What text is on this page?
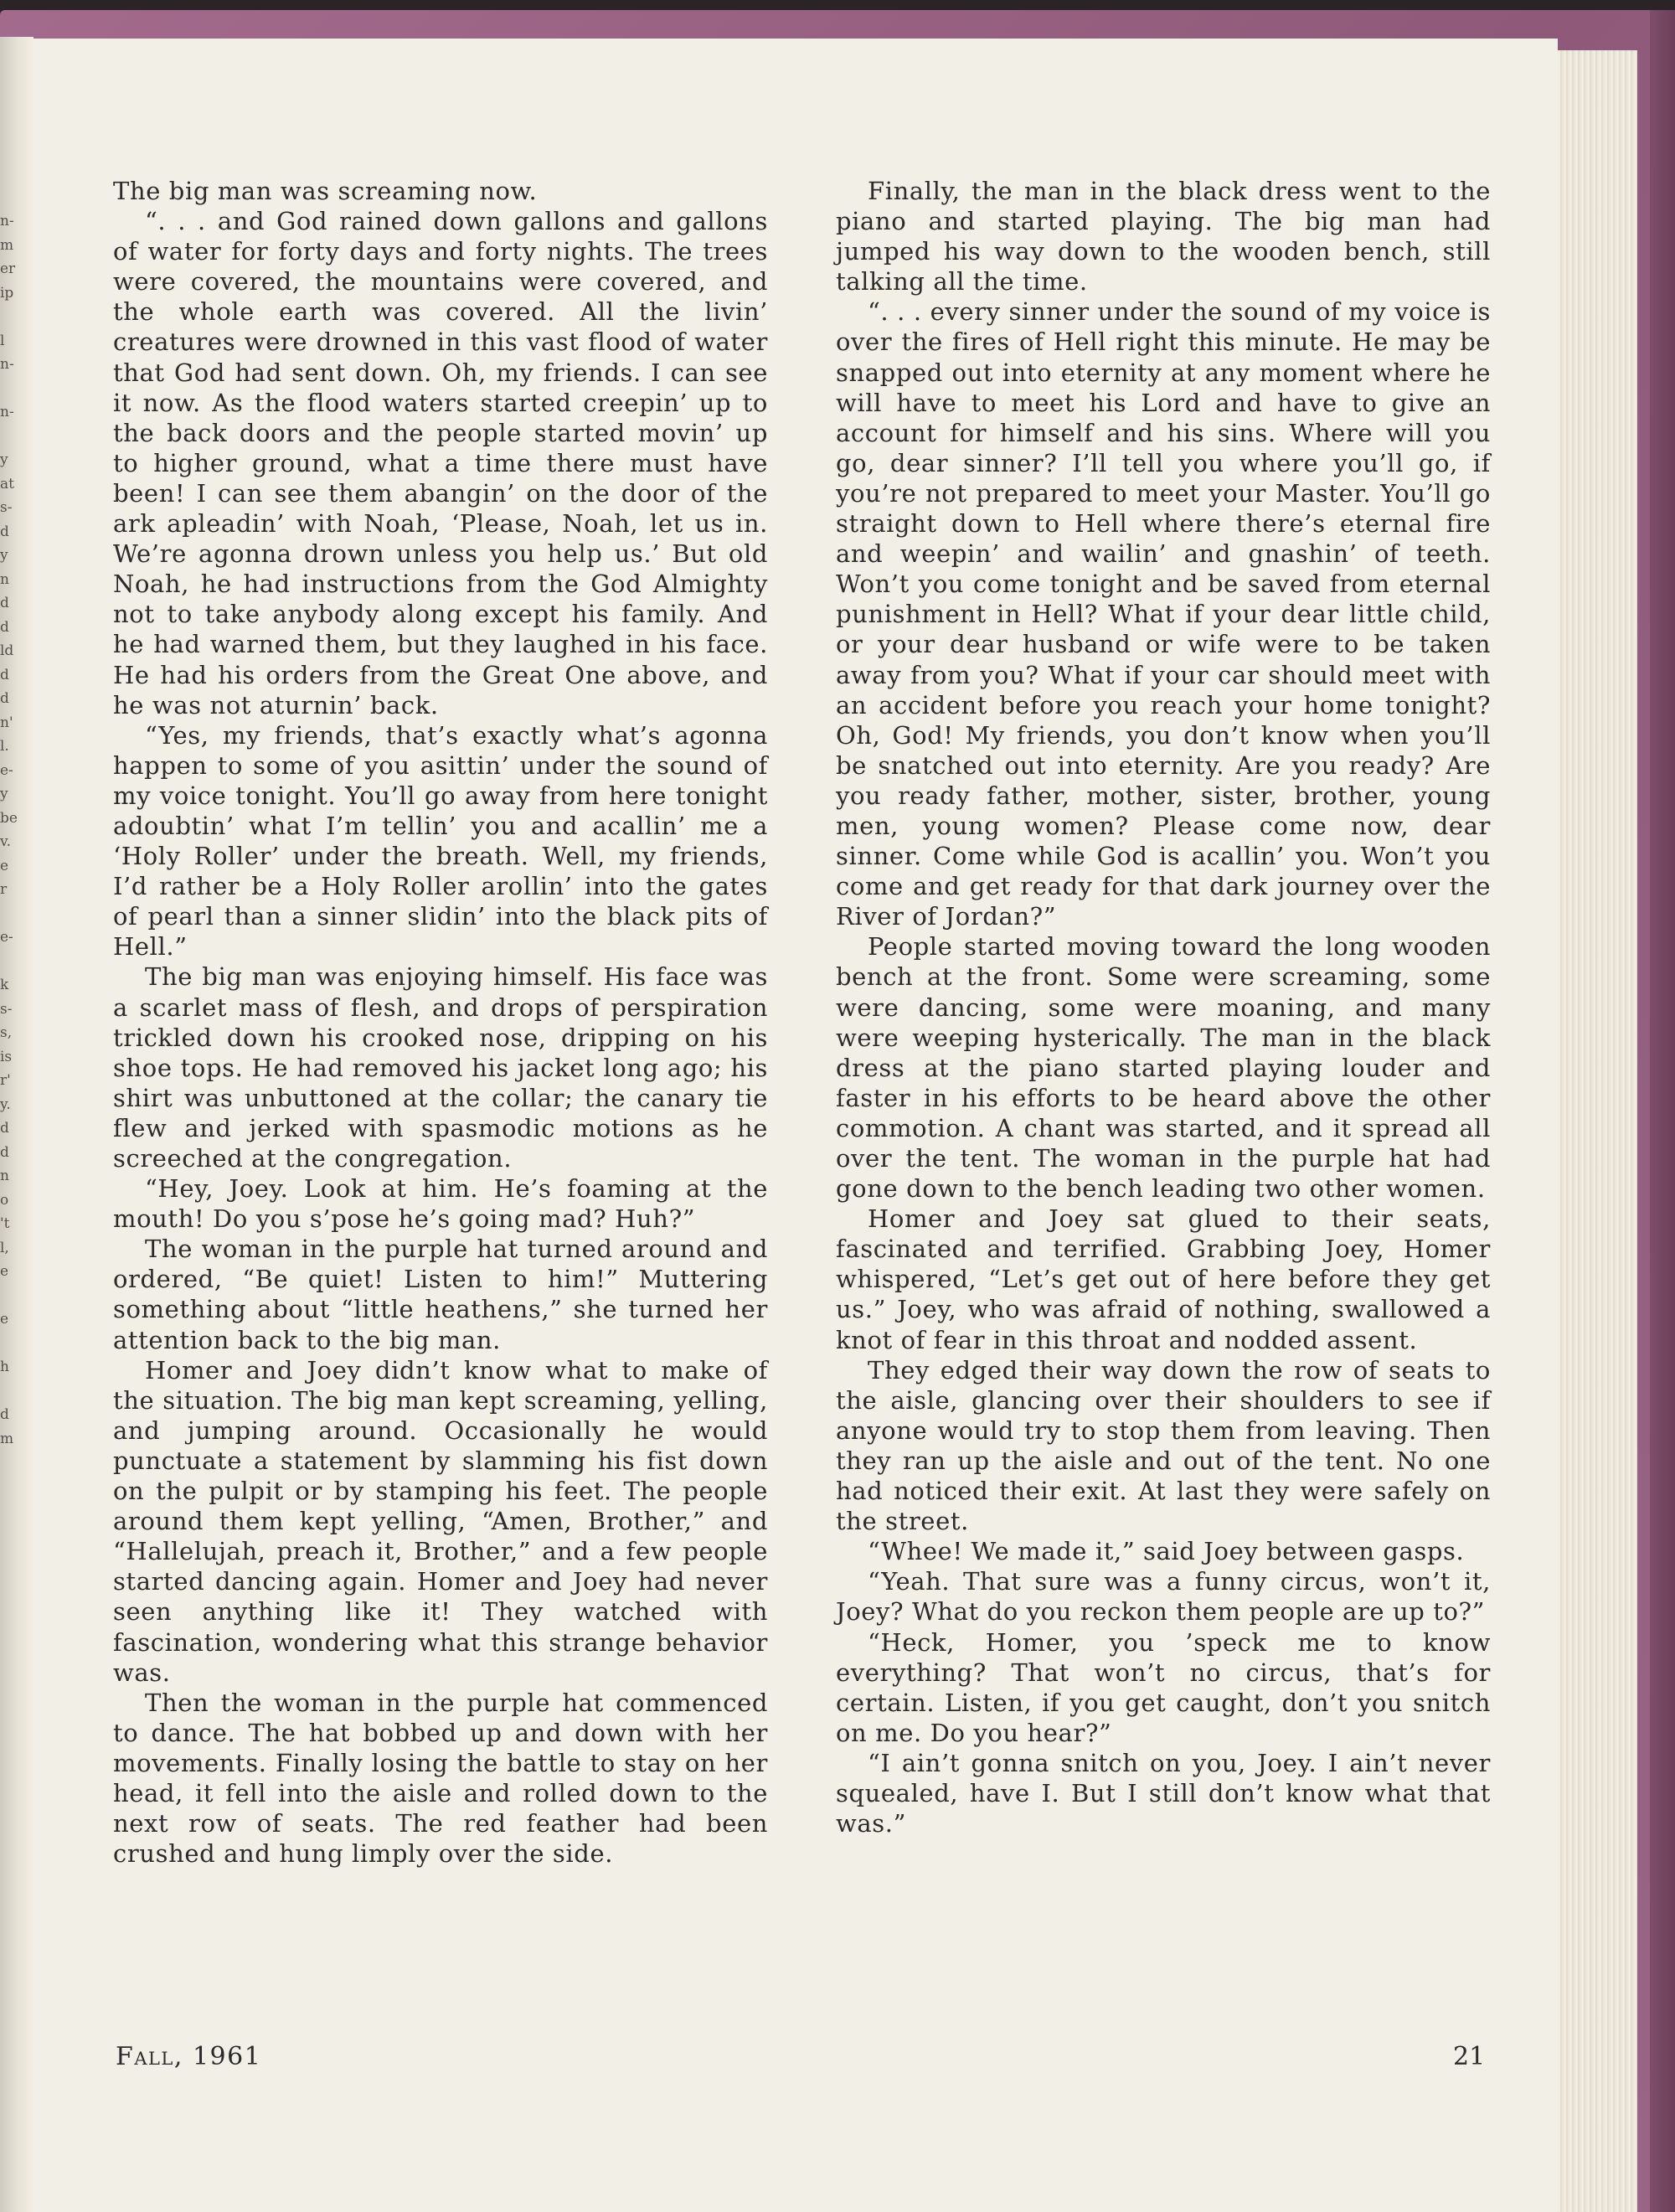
n-
m
er
ip

l
n-

n-

y
at
s-
d
y
n
d
d
ld
d
d
n'
l.
e-
y
be
v.
e
r

e-

k
s-
s,
is
r'
y.
d
d
n
o
't
l,
e

e

h

d
m

The big man was screaming now.

“. . . and God rained down gallons and gallons of water for forty days and forty nights. The trees were covered, the mountains were covered, and the whole earth was covered. All the livin’ creatures were drowned in this vast flood of water that God had sent down. Oh, my friends. I can see it now. As the flood waters started creepin’ up to the back doors and the people started movin’ up to higher ground, what a time there must have been! I can see them abangin’ on the door of the ark apleadin’ with Noah, ‘Please, Noah, let us in. We’re agonna drown unless you help us.’ But old Noah, he had instructions from the God Almighty not to take anybody along except his family. And he had warned them, but they laughed in his face. He had his orders from the Great One above, and he was not aturnin’ back.

“Yes, my friends, that’s exactly what’s agonna happen to some of you asittin’ under the sound of my voice tonight. You’ll go away from here tonight adoubtin’ what I’m tellin’ you and acallin’ me a ‘Holy Roller’ under the breath. Well, my friends, I’d rather be a Holy Roller arollin’ into the gates of pearl than a sinner slidin’ into the black pits of Hell.”

The big man was enjoying himself. His face was a scarlet mass of flesh, and drops of perspiration trickled down his crooked nose, dripping on his shoe tops. He had removed his jacket long ago; his shirt was unbuttoned at the collar; the canary tie flew and jerked with spasmodic motions as he screeched at the congregation.

“Hey, Joey. Look at him. He’s foaming at the mouth! Do you s’pose he’s going mad? Huh?”

The woman in the purple hat turned around and ordered, “Be quiet! Listen to him!” Muttering something about “little heathens,” she turned her attention back to the big man.

Homer and Joey didn’t know what to make of the situation. The big man kept screaming, yelling, and jumping around. Occasionally he would punctuate a statement by slamming his fist down on the pulpit or by stamping his feet. The people around them kept yelling, “Amen, Brother,” and “Hallelujah, preach it, Brother,” and a few people started dancing again. Homer and Joey had never seen anything like it! They watched with fascination, wondering what this strange behavior was.

Then the woman in the purple hat commenced to dance. The hat bobbed up and down with her movements. Finally losing the battle to stay on her head, it fell into the aisle and rolled down to the next row of seats. The red feather had been crushed and hung limply over the side.

Finally, the man in the black dress went to the piano and started playing. The big man had jumped his way down to the wooden bench, still talking all the time.

“. . . every sinner under the sound of my voice is over the fires of Hell right this minute. He may be snapped out into eternity at any moment where he will have to meet his Lord and have to give an account for himself and his sins. Where will you go, dear sinner? I’ll tell you where you’ll go, if you’re not prepared to meet your Master. You’ll go straight down to Hell where there’s eternal fire and weepin’ and wailin’ and gnashin’ of teeth. Won’t you come tonight and be saved from eternal punishment in Hell? What if your dear little child, or your dear husband or wife were to be taken away from you? What if your car should meet with an accident before you reach your home tonight? Oh, God! My friends, you don’t know when you’ll be snatched out into eternity. Are you ready? Are you ready father, mother, sister, brother, young men, young women? Please come now, dear sinner. Come while God is acallin’ you. Won’t you come and get ready for that dark journey over the River of Jordan?”

People started moving toward the long wooden bench at the front. Some were screaming, some were dancing, some were moaning, and many were weeping hysterically. The man in the black dress at the piano started playing louder and faster in his efforts to be heard above the other commotion. A chant was started, and it spread all over the tent. The woman in the purple hat had gone down to the bench leading two other women.

Homer and Joey sat glued to their seats, fascinated and terrified. Grabbing Joey, Homer whispered, “Let’s get out of here before they get us.” Joey, who was afraid of nothing, swallowed a knot of fear in this throat and nodded assent.

They edged their way down the row of seats to the aisle, glancing over their shoulders to see if anyone would try to stop them from leaving. Then they ran up the aisle and out of the tent. No one had noticed their exit. At last they were safely on the street.

“Whee! We made it,” said Joey between gasps.

“Yeah. That sure was a funny circus, won’t it, Joey? What do you reckon them people are up to?”

“Heck, Homer, you ’speck me to know everything? That won’t no circus, that’s for certain. Listen, if you get caught, don’t you snitch on me. Do you hear?”

“I ain’t gonna snitch on you, Joey. I ain’t never squealed, have I. But I still don’t know what that was.”

Fall, 1961	21
